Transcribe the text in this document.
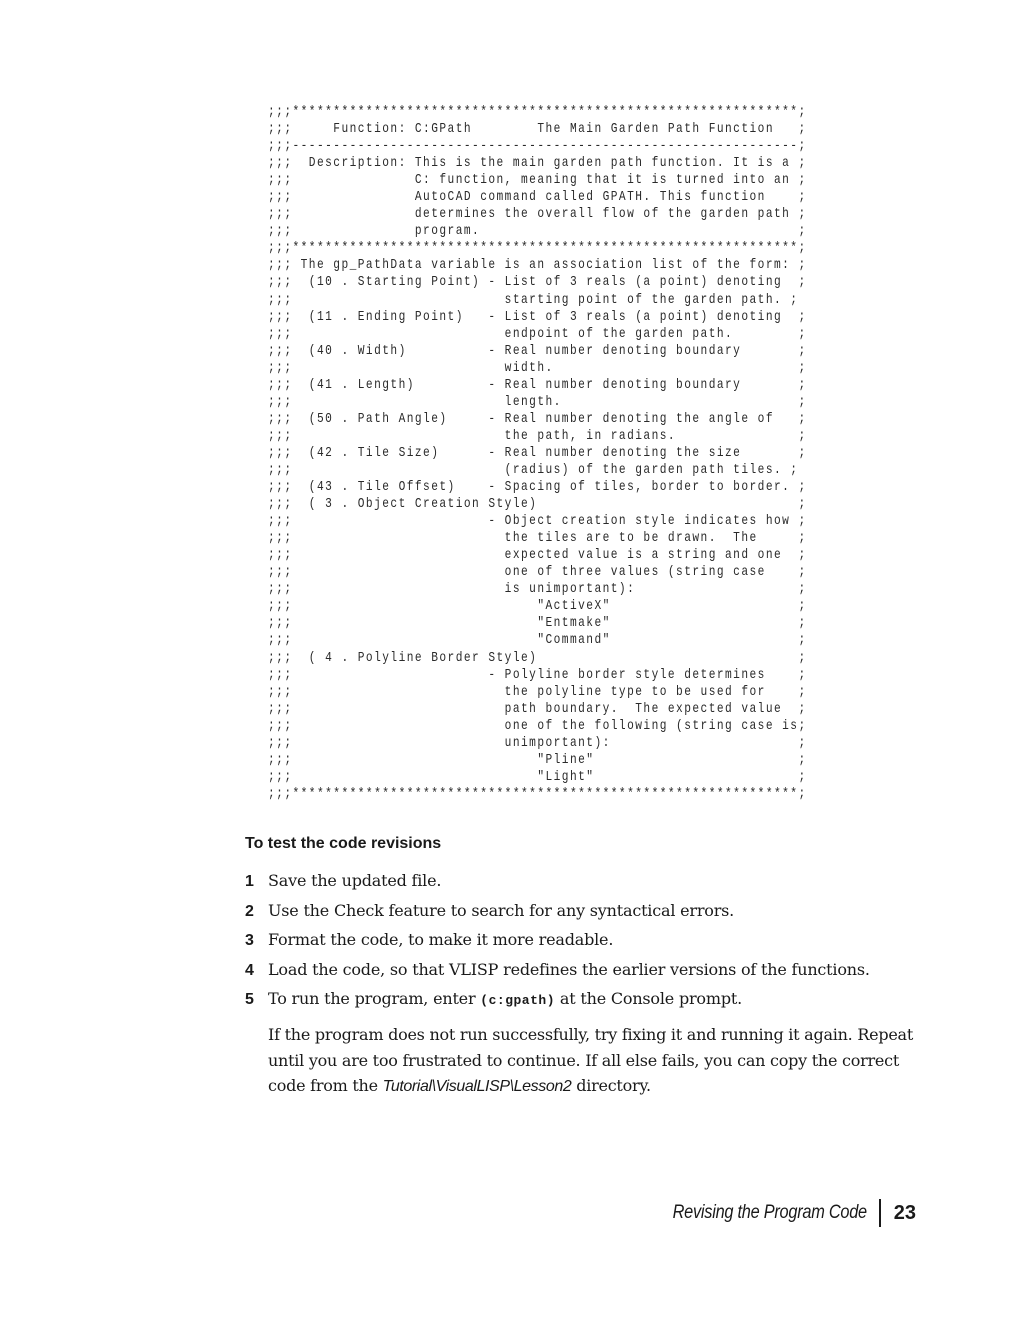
;;;**************************************************************;
;;;     Function: C:GPath        The Main Garden Path Function   ;
;;;--------------------------------------------------------------;
;;;  Description: This is the main garden path function. It is a ;
;;;               C: function, meaning that it is turned into an ;
;;;               AutoCAD command called GPATH. This function    ;
;;;               determines the overall flow of the garden path ;
;;;               program.                                       ;
;;;**************************************************************;
;;; The gp_PathData variable is an association list of the form: ;
;;;  (10 . Starting Point) - List of 3 reals (a point) denoting  ;
;;;                          starting point of the garden path. ;
;;;  (11 . Ending Point)   - List of 3 reals (a point) denoting  ;
;;;                          endpoint of the garden path.        ;
;;;  (40 . Width)          - Real number denoting boundary       ;
;;;                          width.                              ;
;;;  (41 . Length)         - Real number denoting boundary       ;
;;;                          length.                             ;
;;;  (50 . Path Angle)     - Real number denoting the angle of   ;
;;;                          the path, in radians.               ;
;;;  (42 . Tile Size)      - Real number denoting the size       ;
;;;                          (radius) of the garden path tiles. ;
;;;  (43 . Tile Offset)    - Spacing of tiles, border to border. ;
;;;  ( 3 . Object Creation Style)                                ;
;;;                        - Object creation style indicates how ;
;;;                          the tiles are to be drawn.  The     ;
;;;                          expected value is a string and one  ;
;;;                          one of three values (string case    ;
;;;                          is unimportant):                    ;
;;;                              "ActiveX"                       ;
;;;                              "Entmake"                       ;
;;;                              "Command"                       ;
;;;  ( 4 . Polyline Border Style)                                ;
;;;                        - Polyline border style determines    ;
;;;                          the polyline type to be used for    ;
;;;                          path boundary.  The expected value  ;
;;;                          one of the following (string case is;
;;;                          unimportant):                       ;
;;;                              "Pline"                         ;
;;;                              "Light"                         ;
;;;**************************************************************;
To test the code revisions
1 Save the updated file.
2 Use the Check feature to search for any syntactical errors.
3 Format the code, to make it more readable.
4 Load the code, so that VLISP redefines the earlier versions of the functions.
5 To run the program, enter (c:gpath) at the Console prompt.

If the program does not run successfully, try fixing it and running it again. Repeat until you are too frustrated to continue. If all else fails, you can copy the correct code from the Tutorial\VisualLISP\Lesson2 directory.

Revising the Program Code 23
